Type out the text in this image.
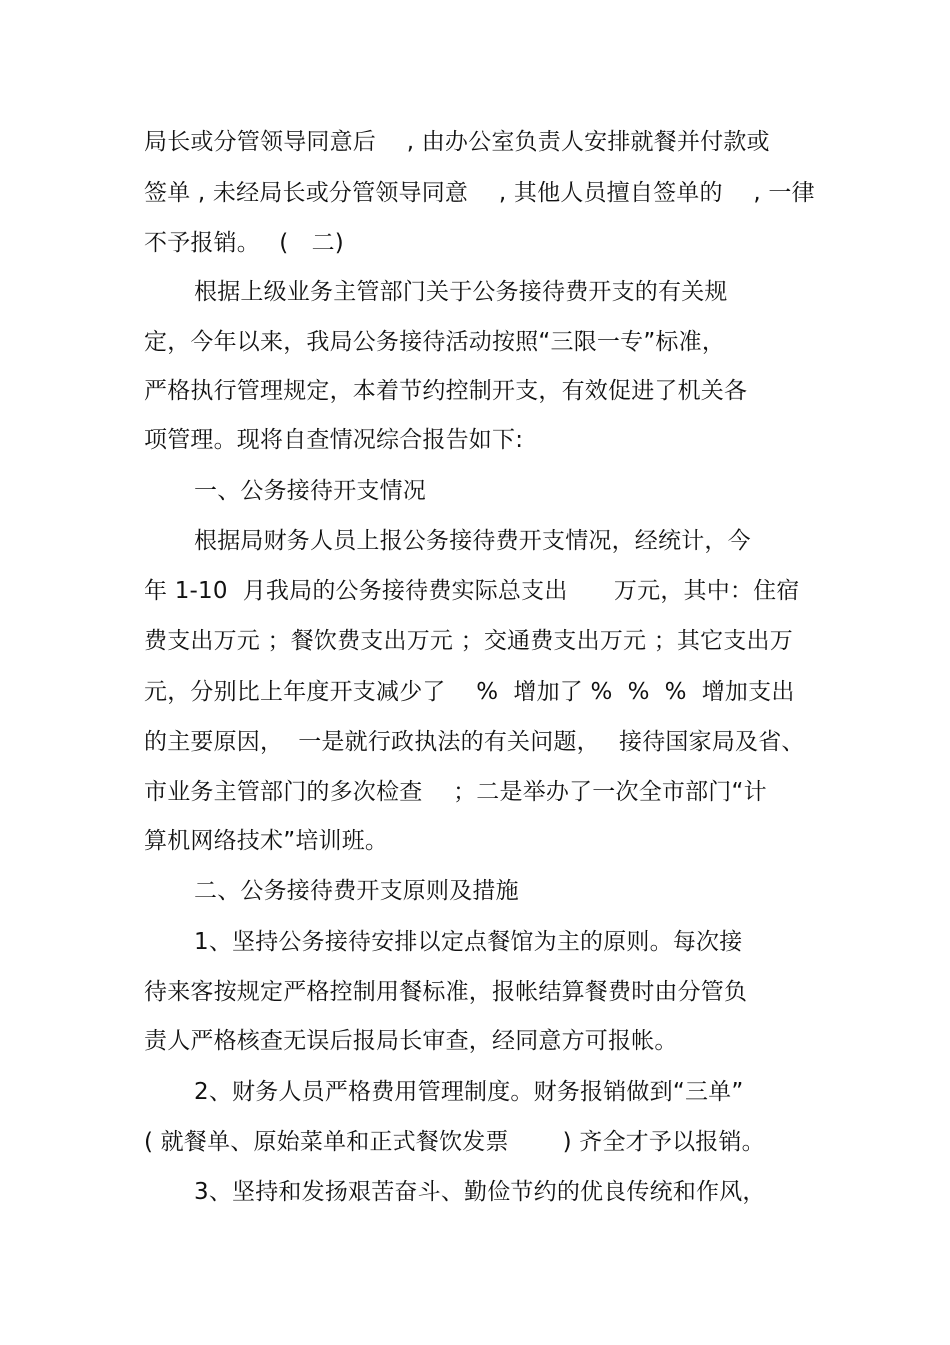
局长或分管领导同意后　 , 由办公室负责人安排就餐并付款或
签单 , 未经局长或分管领导同意　 , 其他人员擅自签单的　 , 一律
不予报销。　 (　二)
根据上级业务主管部门关于公务接待费开支的有关规
定，今年以来，我局公务接待活动按照“三限一专”标准，
严格执行管理规定，本着节约控制开支，有效促进了机关各
项管理。现将自查情况综合报告如下:
一、公务接待开支情况
根据局财务人员上报公务接待费开支情况，经统计，今
年 1-10  月我局的公务接待费实际总支出　　万元，其中：住宿
费支出万元 ；餐饮费支出万元 ；交通费支出万元 ；其它支出万
元，分别比上年度开支减少了　 %  增加了 %  %  %  增加支出
的主要原因，  一是就行政执法的有关问题，　 接待国家局及省、
市业务主管部门的多次检查　 ；二是举办了一次全市部门“计
算机网络技术”培训班。
二、公务接待费开支原则及措施
1、坚持公务接待安排以定点餐馆为主的原则。每次接
待来客按规定严格控制用餐标准，报帐结算餐费时由分管负
责人严格核查无误后报局长审查，经同意方可报帐。
2、财务人员严格费用管理制度。财务报销做到“三单”
( 就餐单、原始菜单和正式餐饮发票　　 ) 齐全才予以报销。
3、坚持和发扬艰苦奋斗、勤俭节约的优良传统和作风，
